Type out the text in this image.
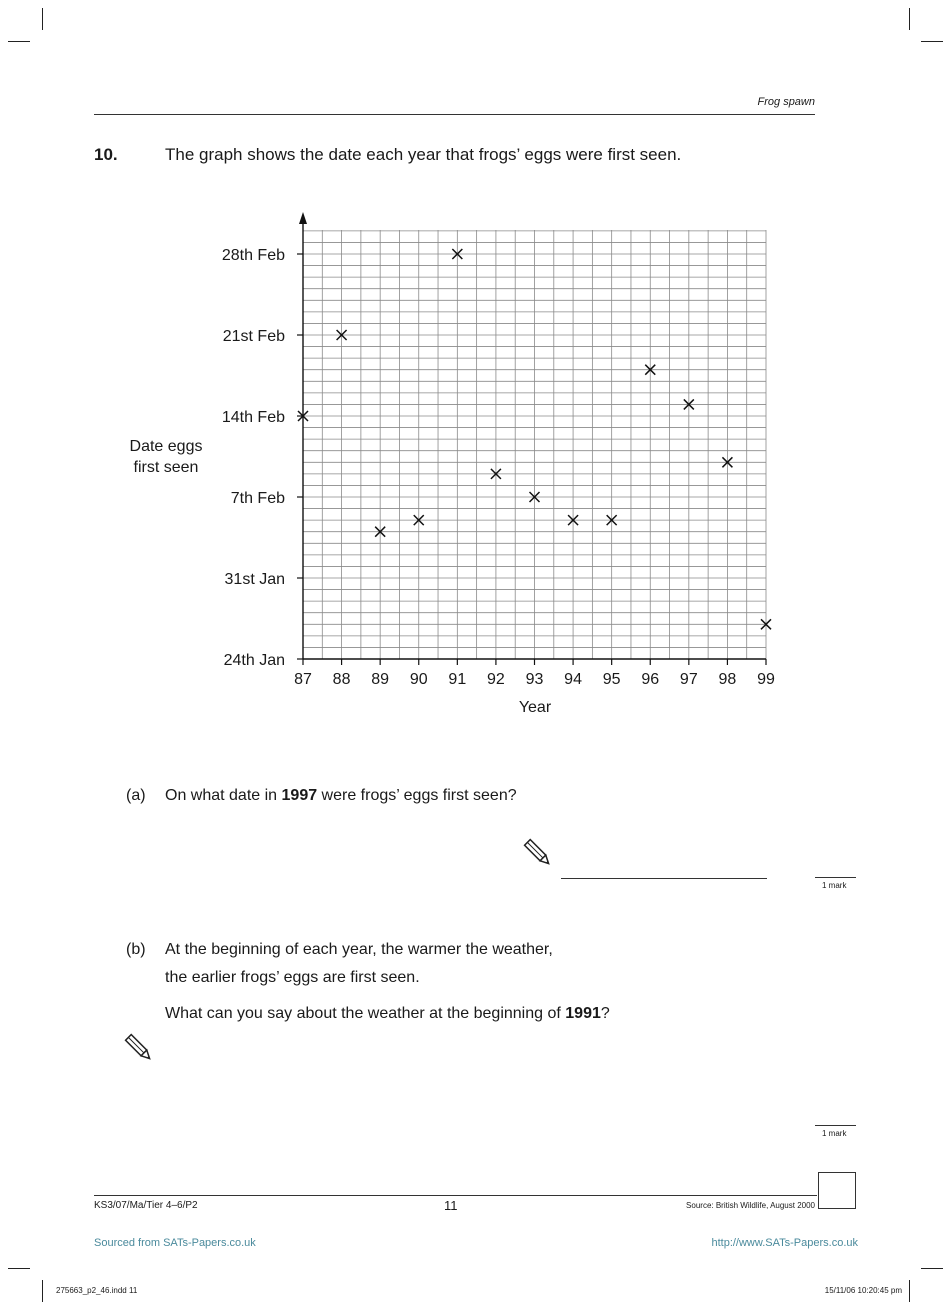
Frog spawn
10.	The graph shows the date each year that frogs’ eggs were first seen.
87 88 89 90 91 92 93 94 95 96 97 98 99
24th Jan
31st Jan
7th Feb
14th Feb
21st Feb
28th Feb
Year
Date eggs
first seen
(a) On what date in 1997 were frogs’ eggs first seen?
1 mark
(b) At the beginning of each year, the warmer the weather,
the earlier frogs’ eggs are first seen.
What can you say about the weather at the beginning of 1991?
1 mark
KS3/07/Ma/Tier 4–6/P2	11	Source: British Wildlife, August 2000
Sourced from SATs-Papers.co.uk	http://www.SATs-Papers.co.uk
275663_p2_46.indd 11	15/11/06 10:20:45 pm
